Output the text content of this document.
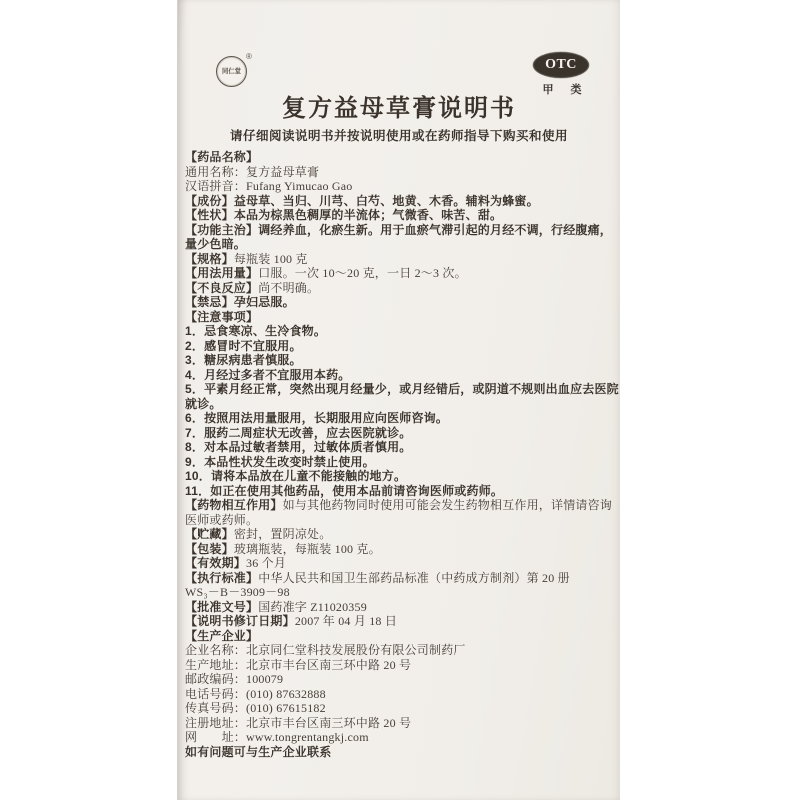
同仁堂
®
OTC
甲 类
复方益母草膏说明书
请仔细阅读说明书并按说明使用或在药师指导下购买和使用
【药品名称】
通用名称：复方益母草膏
汉语拼音：Fufang Yimucao Gao
【成份】益母草、当归、川芎、白芍、地黄、木香。辅料为蜂蜜。
【性状】本品为棕黑色稠厚的半流体；气微香、味苦、甜。
【功能主治】调经养血，化瘀生新。用于血瘀气滞引起的月经不调，行经腹痛，
量少色暗。
【规格】每瓶装 100 克
【用法用量】口服。一次 10～20 克，一日 2～3 次。
【不良反应】尚不明确。
【禁忌】孕妇忌服。
【注意事项】
1．忌食寒凉、生冷食物。
2．感冒时不宜服用。
3．糖尿病患者慎服。
4．月经过多者不宜服用本药。
5．平素月经正常，突然出现月经量少，或月经错后，或阴道不规则出血应去医院
就诊。
6．按照用法用量服用，长期服用应向医师咨询。
7．服药二周症状无改善，应去医院就诊。
8．对本品过敏者禁用，过敏体质者慎用。
9．本品性状发生改变时禁止使用。
10．请将本品放在儿童不能接触的地方。
11．如正在使用其他药品，使用本品前请咨询医师或药师。
【药物相互作用】如与其他药物同时使用可能会发生药物相互作用，详情请咨询
医师或药师。
【贮藏】密封，置阴凉处。
【包装】玻璃瓶装，每瓶装 100 克。
【有效期】36 个月
【执行标准】中华人民共和国卫生部药品标准（中药成方制剂）第 20 册
WS₃－B－3909－98
【批准文号】国药准字 Z11020359
【说明书修订日期】2007 年 04 月 18 日
【生产企业】
企业名称：北京同仁堂科技发展股份有限公司制药厂
生产地址：北京市丰台区南三环中路 20 号
邮政编码：100079
电话号码：(010) 87632888
传真号码：(010) 67615182
注册地址：北京市丰台区南三环中路 20 号
网　　址：www.tongrentangkj.com
如有问题可与生产企业联系
